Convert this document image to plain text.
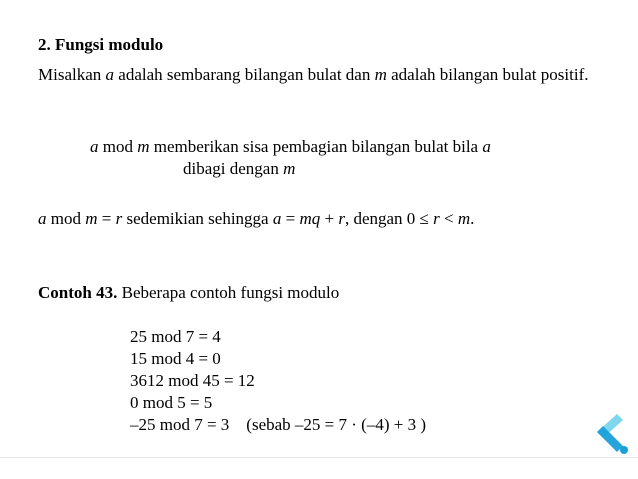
2. Fungsi modulo
Misalkan a adalah sembarang bilangan bulat dan m adalah bilangan bulat positif.
a mod m memberikan sisa pembagian bilangan bulat bila a
dibagi dengan m
a mod m = r sedemikian sehingga a = mq + r, dengan 0 ≤ r < m.
Contoh 43. Beberapa contoh fungsi modulo
25 mod 7 = 4
15 mod 4 = 0
3612 mod 45 = 12
0 mod 5 = 5
–25 mod 7 = 3    (sebab –25 = 7 · (–4) + 3 )
